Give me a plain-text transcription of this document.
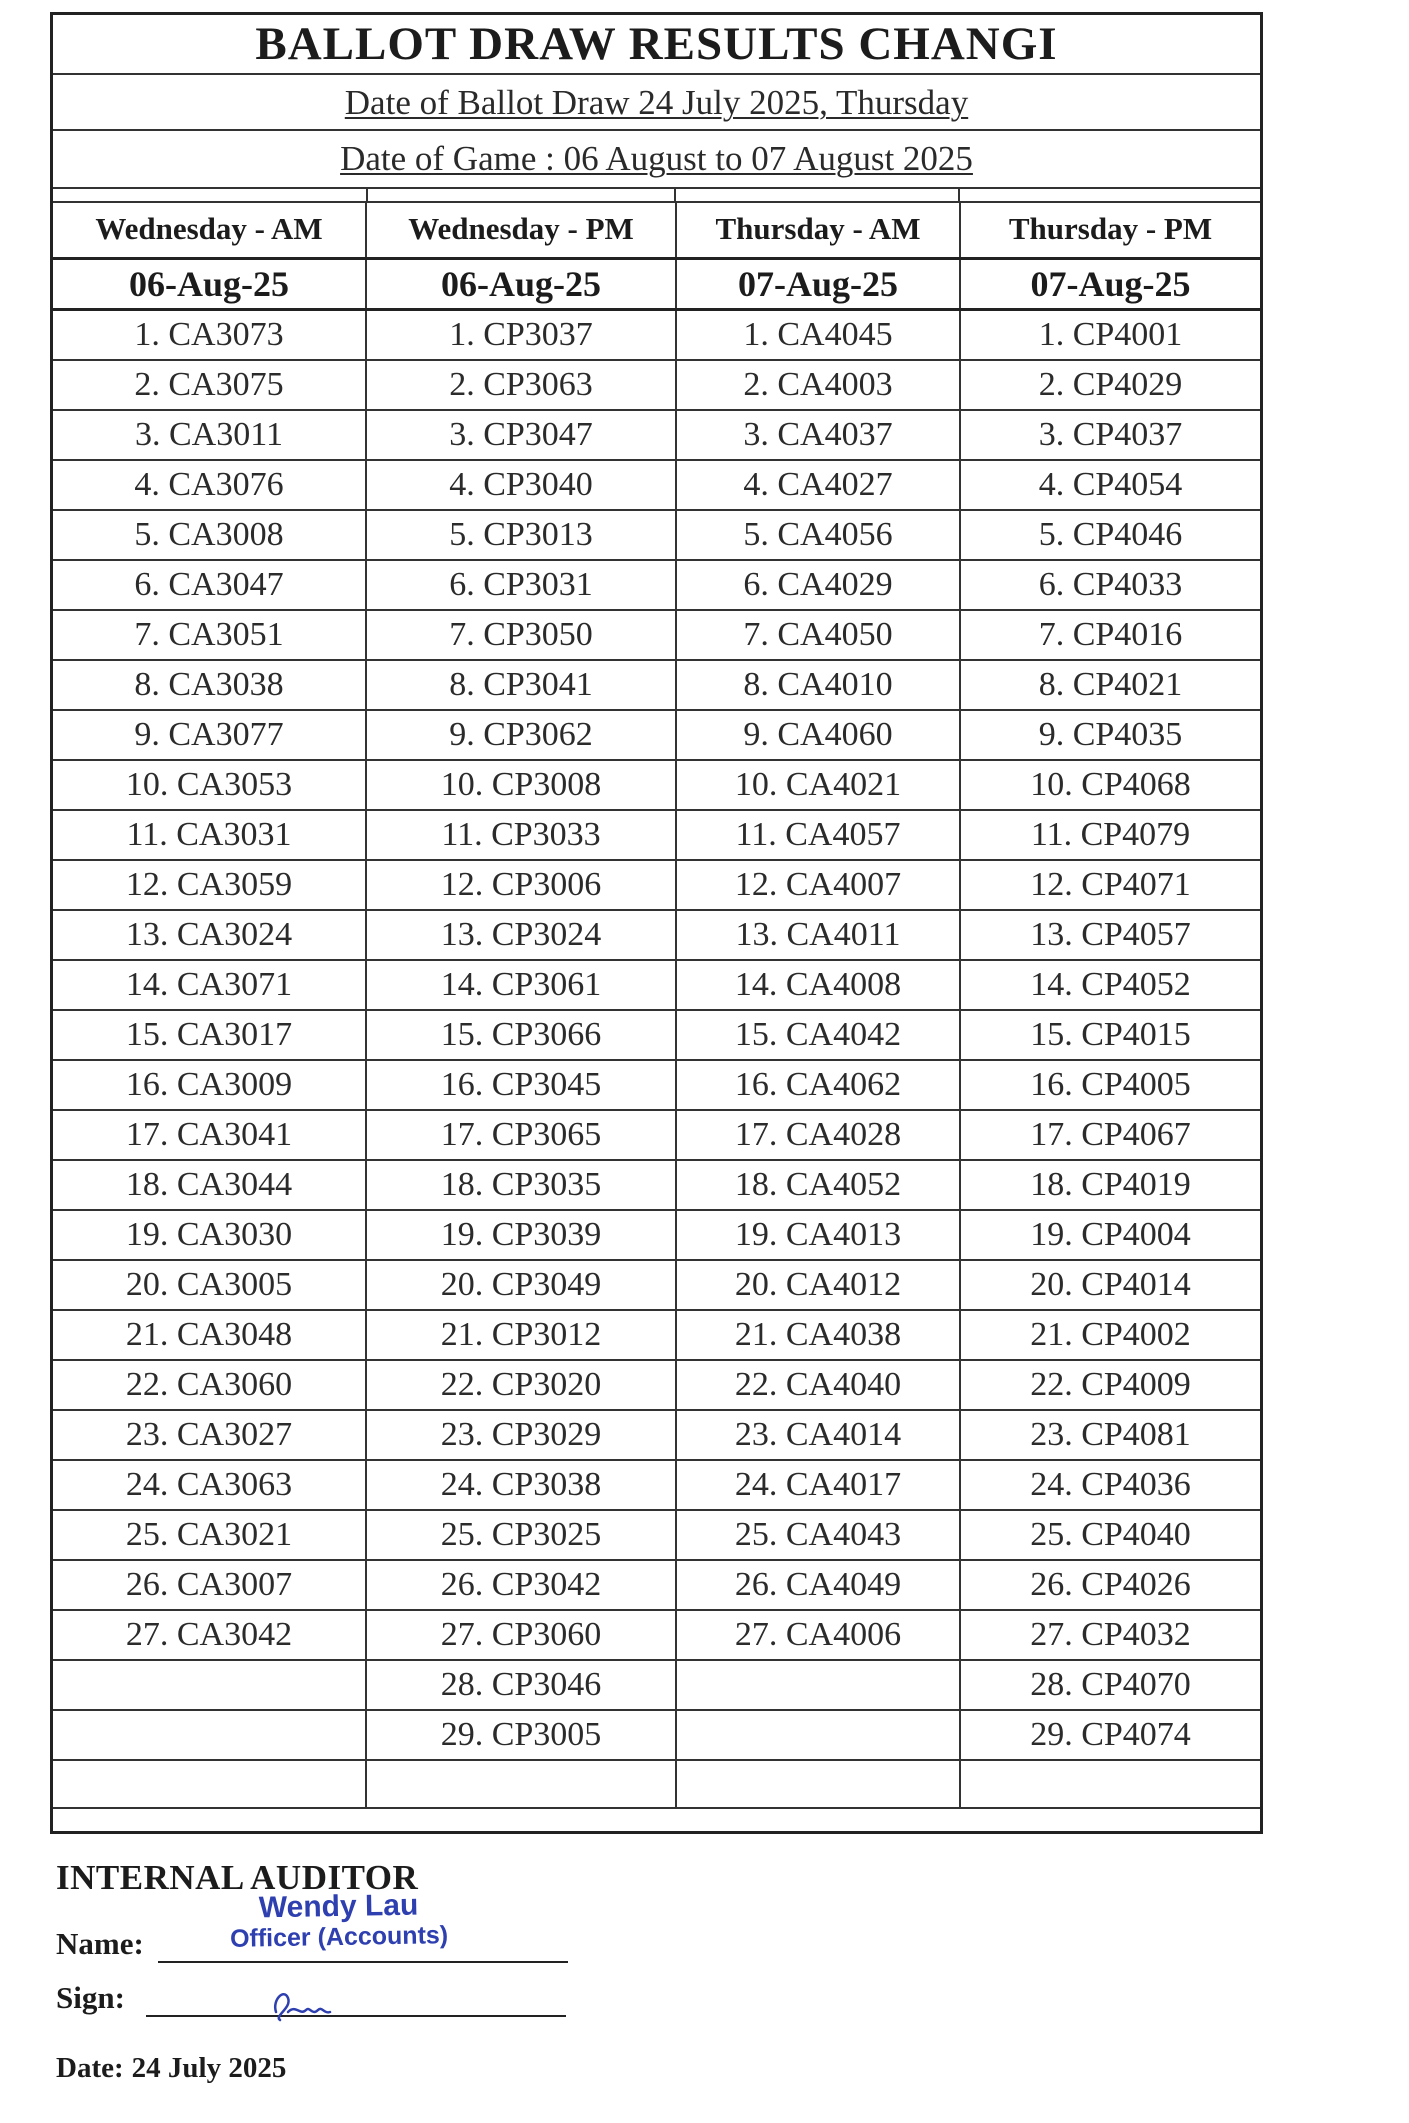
BALLOT DRAW RESULTS CHANGI
Date of Ballot Draw 24 July 2025, Thursday
Date of Game : 06 August to 07 August 2025
Wednesday - AM	Wednesday - PM	Thursday - AM	Thursday - PM
06-Aug-25	06-Aug-25	07-Aug-25	07-Aug-25
1. CA3073	1. CP3037	1. CA4045	1. CP4001
2. CA3075	2. CP3063	2. CA4003	2. CP4029
3. CA3011	3. CP3047	3. CA4037	3. CP4037
4. CA3076	4. CP3040	4. CA4027	4. CP4054
5. CA3008	5. CP3013	5. CA4056	5. CP4046
6. CA3047	6. CP3031	6. CA4029	6. CP4033
7. CA3051	7. CP3050	7. CA4050	7. CP4016
8. CA3038	8. CP3041	8. CA4010	8. CP4021
9. CA3077	9. CP3062	9. CA4060	9. CP4035
10. CA3053	10. CP3008	10. CA4021	10. CP4068
11. CA3031	11. CP3033	11. CA4057	11. CP4079
12. CA3059	12. CP3006	12. CA4007	12. CP4071
13. CA3024	13. CP3024	13. CA4011	13. CP4057
14. CA3071	14. CP3061	14. CA4008	14. CP4052
15. CA3017	15. CP3066	15. CA4042	15. CP4015
16. CA3009	16. CP3045	16. CA4062	16. CP4005
17. CA3041	17. CP3065	17. CA4028	17. CP4067
18. CA3044	18. CP3035	18. CA4052	18. CP4019
19. CA3030	19. CP3039	19. CA4013	19. CP4004
20. CA3005	20. CP3049	20. CA4012	20. CP4014
21. CA3048	21. CP3012	21. CA4038	21. CP4002
22. CA3060	22. CP3020	22. CA4040	22. CP4009
23. CA3027	23. CP3029	23. CA4014	23. CP4081
24. CA3063	24. CP3038	24. CA4017	24. CP4036
25. CA3021	25. CP3025	25. CA4043	25. CP4040
26. CA3007	26. CP3042	26. CA4049	26. CP4026
27. CA3042	27. CP3060	27. CA4006	27. CP4032
	28. CP3046		28. CP4070
	29. CP3005		29. CP4074

INTERNAL AUDITOR
Wendy Lau
Officer (Accounts)
Name:
Sign:
Date: 24 July 2025
